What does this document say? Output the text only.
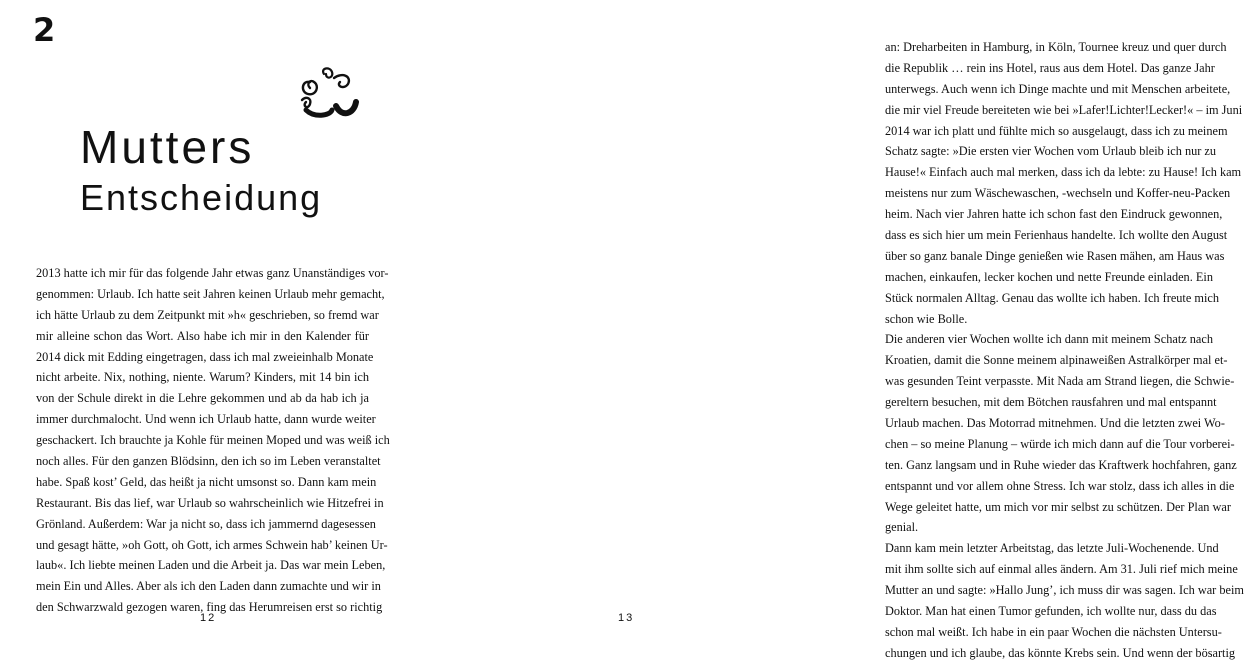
2
Mutters
Entscheidung
2013 hatte ich mir für das folgende Jahr etwas ganz Unanständiges vor-
genommen: Urlaub. Ich hatte seit Jahren keinen Urlaub mehr gemacht,
ich hätte Urlaub zu dem Zeitpunkt mit »h« geschrieben, so fremd war
mir alleine schon das Wort. Also habe ich mir in den Kalender für
2014 dick mit Edding eingetragen, dass ich mal zweieinhalb Monate
nicht arbeite. Nix, nothing, niente. Warum? Kinders, mit 14 bin ich
von der Schule direkt in die Lehre gekommen und ab da hab ich ja
immer durchmalocht. Und wenn ich Urlaub hatte, dann wurde weiter
geschackert. Ich brauchte ja Kohle für meinen Moped und was weiß ich
noch alles. Für den ganzen Blödsinn, den ich so im Leben veranstaltet
habe. Spaß kost’ Geld, das heißt ja nicht umsonst so. Dann kam mein
Restaurant. Bis das lief, war Urlaub so wahrscheinlich wie Hitzefrei in
Grönland. Außerdem: War ja nicht so, dass ich jammernd dagesessen
und gesagt hätte, »oh Gott, oh Gott, ich armes Schwein hab’ keinen Ur-
laub«. Ich liebte meinen Laden und die Arbeit ja. Das war mein Leben,
mein Ein und Alles. Aber als ich den Laden dann zumachte und wir in
den Schwarzwald gezogen waren, fing das Herumreisen erst so richtig
12
an: Dreharbeiten in Hamburg, in Köln, Tournee kreuz und quer durch
die Republik … rein ins Hotel, raus aus dem Hotel. Das ganze Jahr
unterwegs. Auch wenn ich Dinge machte und mit Menschen arbeitete,
die mir viel Freude bereiteten wie bei »Lafer!Lichter!Lecker!« – im Juni
2014 war ich platt und fühlte mich so ausgelaugt, dass ich zu meinem
Schatz sagte: »Die ersten vier Wochen vom Urlaub bleib ich nur zu
Hause!« Einfach auch mal merken, dass ich da lebte: zu Hause! Ich kam
meistens nur zum Wäschewaschen, -wechseln und Koffer-neu-Packen
heim. Nach vier Jahren hatte ich schon fast den Eindruck gewonnen,
dass es sich hier um mein Ferienhaus handelte. Ich wollte den August
über so ganz banale Dinge genießen wie Rasen mähen, am Haus was
machen, einkaufen, lecker kochen und nette Freunde einladen. Ein
Stück normalen Alltag. Genau das wollte ich haben. Ich freute mich
schon wie Bolle.
Die anderen vier Wochen wollte ich dann mit meinem Schatz nach
Kroatien, damit die Sonne meinem alpinaweißen Astralkörper mal et-
was gesunden Teint verpasste. Mit Nada am Strand liegen, die Schwie-
gereltern besuchen, mit dem Bötchen rausfahren und mal entspannt
Urlaub machen. Das Motorrad mitnehmen. Und die letzten zwei Wo-
chen – so meine Planung – würde ich mich dann auf die Tour vorberei-
ten. Ganz langsam und in Ruhe wieder das Kraftwerk hochfahren, ganz
entspannt und vor allem ohne Stress. Ich war stolz, dass ich alles in die
Wege geleitet hatte, um mich vor mir selbst zu schützen. Der Plan war
genial.
Dann kam mein letzter Arbeitstag, das letzte Juli-Wochenende. Und
mit ihm sollte sich auf einmal alles ändern. Am 31. Juli rief mich meine
Mutter an und sagte: »Hallo Jung’, ich muss dir was sagen. Ich war beim
Doktor. Man hat einen Tumor gefunden, ich wollte nur, dass du das
schon mal weißt. Ich habe in ein paar Wochen die nächsten Untersu-
chungen und ich glaube, das könnte Krebs sein. Und wenn der bösartig
13
